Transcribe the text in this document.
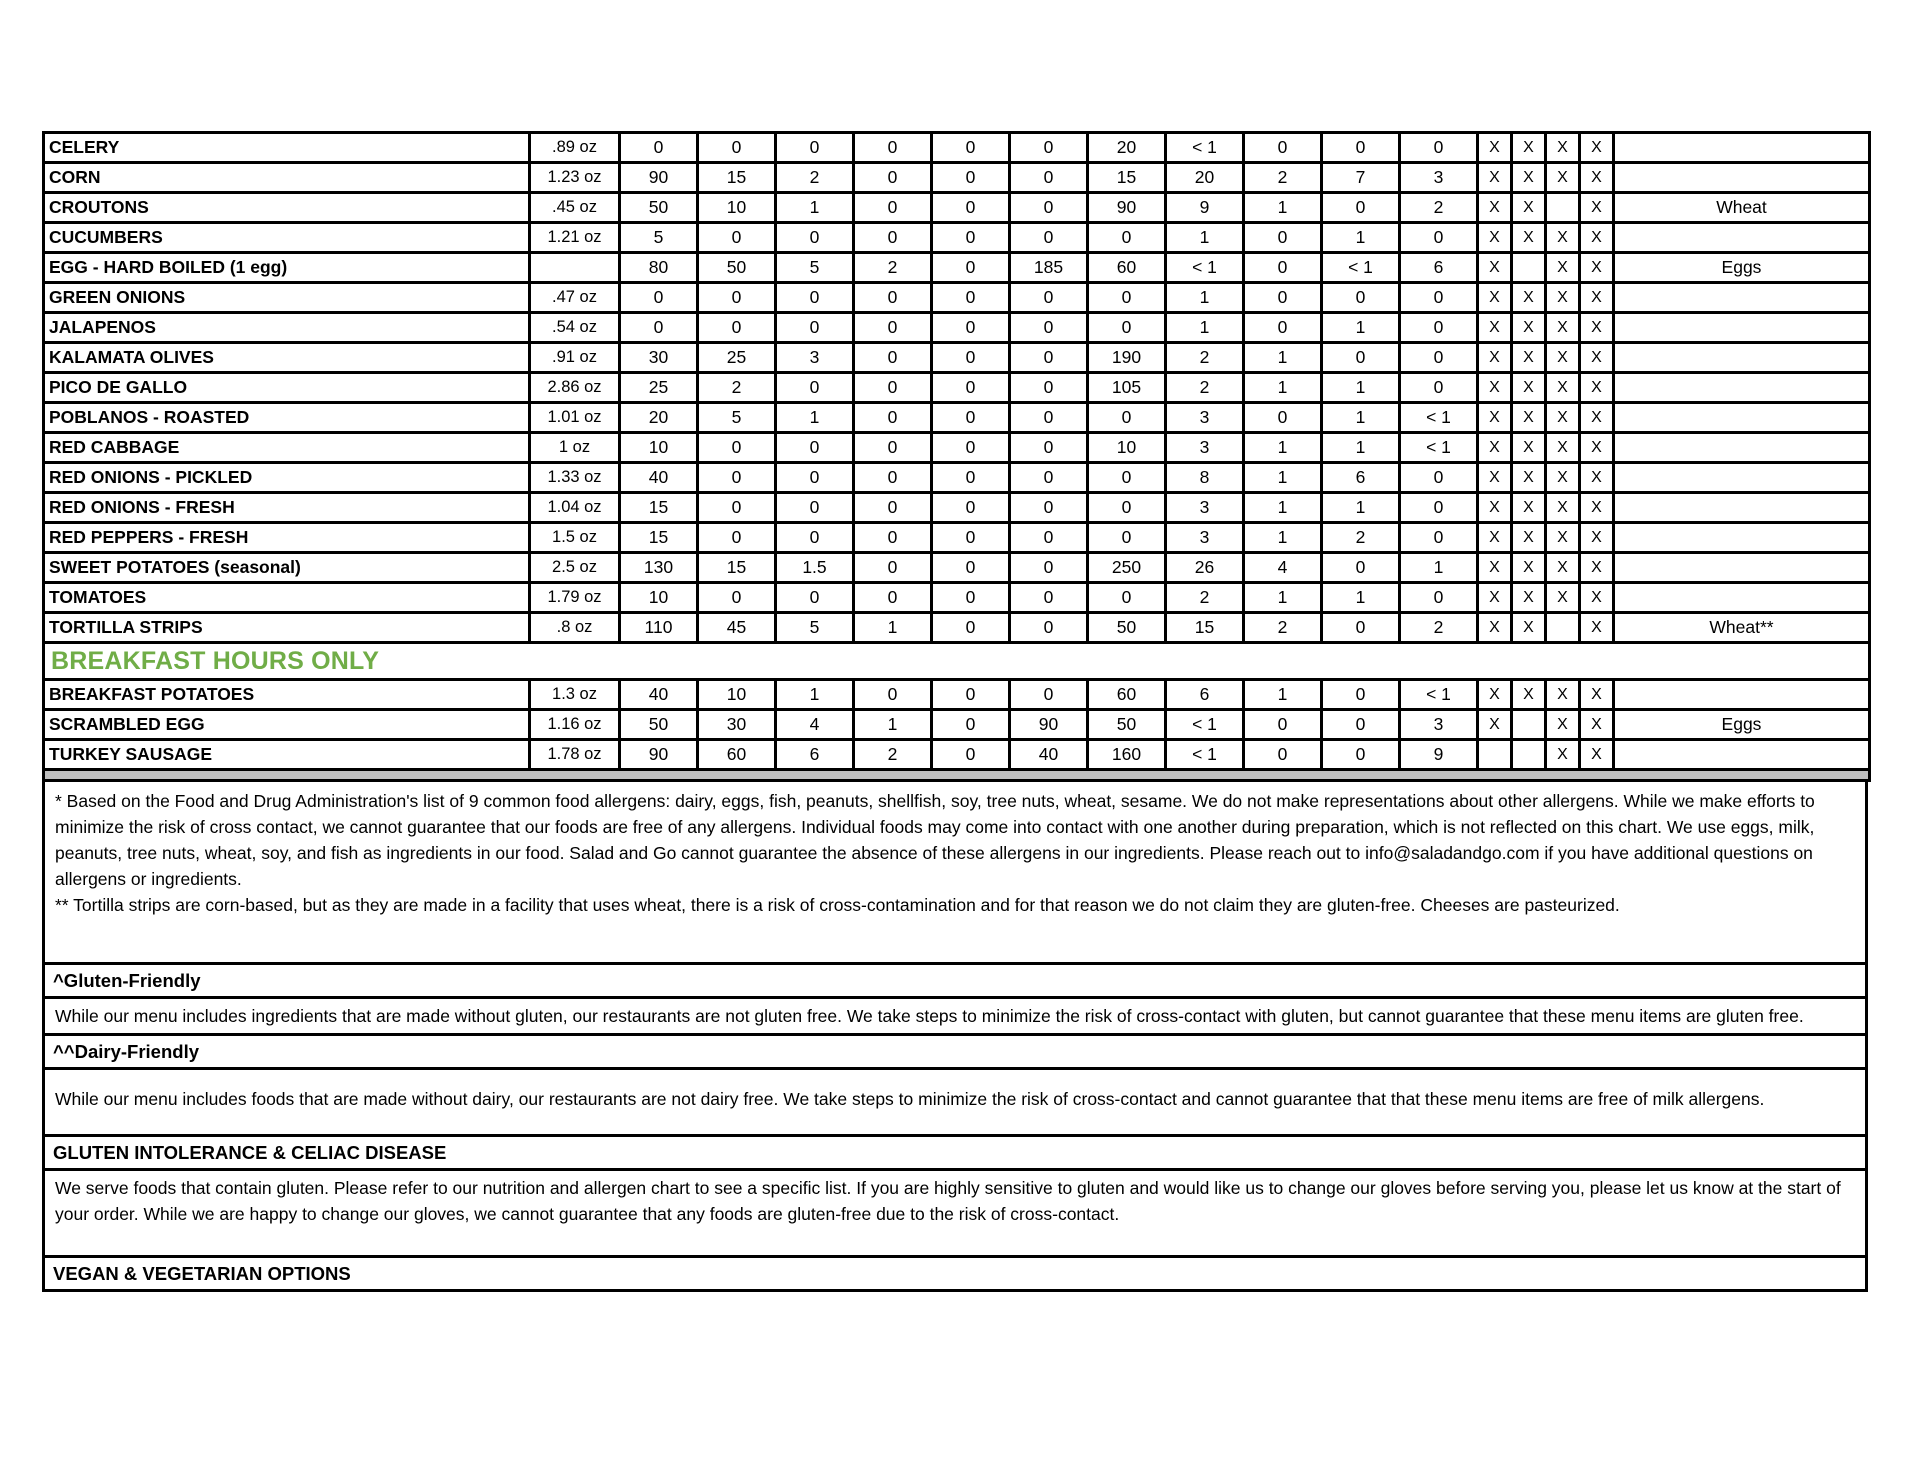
CELERY	.89 oz	0	0	0	0	0	0	20	< 1	0	0	0	X	X	X	X	
CORN	1.23 oz	90	15	2	0	0	0	15	20	2	7	3	X	X	X	X	
CROUTONS	.45 oz	50	10	1	0	0	0	90	9	1	0	2	X	X		X	Wheat
CUCUMBERS	1.21 oz	5	0	0	0	0	0	0	1	0	1	0	X	X	X	X	
EGG - HARD BOILED (1 egg)		80	50	5	2	0	185	60	< 1	0	< 1	6	X		X	X	Eggs
GREEN ONIONS	.47 oz	0	0	0	0	0	0	0	1	0	0	0	X	X	X	X	
JALAPENOS	.54 oz	0	0	0	0	0	0	0	1	0	1	0	X	X	X	X	
KALAMATA OLIVES	.91 oz	30	25	3	0	0	0	190	2	1	0	0	X	X	X	X	
PICO DE GALLO	2.86 oz	25	2	0	0	0	0	105	2	1	1	0	X	X	X	X	
POBLANOS - ROASTED	1.01 oz	20	5	1	0	0	0	0	3	0	1	< 1	X	X	X	X	
RED CABBAGE	1 oz	10	0	0	0	0	0	10	3	1	1	< 1	X	X	X	X	
RED ONIONS - PICKLED	1.33 oz	40	0	0	0	0	0	0	8	1	6	0	X	X	X	X	
RED ONIONS - FRESH	1.04 oz	15	0	0	0	0	0	0	3	1	1	0	X	X	X	X	
RED PEPPERS - FRESH	1.5 oz	15	0	0	0	0	0	0	3	1	2	0	X	X	X	X	
SWEET POTATOES (seasonal)	2.5 oz	130	15	1.5	0	0	0	250	26	4	0	1	X	X	X	X	
TOMATOES	1.79 oz	10	0	0	0	0	0	0	2	1	1	0	X	X	X	X	
TORTILLA STRIPS	.8 oz	110	45	5	1	0	0	50	15	2	0	2	X	X		X	Wheat**
BREAKFAST HOURS ONLY																	
BREAKFAST POTATOES	1.3 oz	40	10	1	0	0	0	60	6	1	0	< 1	X	X	X	X	
SCRAMBLED EGG	1.16 oz	50	30	4	1	0	90	50	< 1	0	0	3	X		X	X	Eggs
TURKEY SAUSAGE	1.78 oz	90	60	6	2	0	40	160	< 1	0	0	9			X	X	

* Based on the Food and Drug Administration's list of 9 common food allergens: dairy, eggs, fish, peanuts, shellfish, soy, tree nuts, wheat, sesame. We do not make representations about other allergens. While we make efforts to minimize the risk of cross contact, we cannot guarantee that our foods are free of any allergens. Individual foods may come into contact with one another during preparation, which is not reflected on this chart. We use eggs, milk, peanuts, tree nuts, wheat, soy, and fish as ingredients in our food. Salad and Go cannot guarantee the absence of these allergens in our ingredients. Please reach out to info@saladandgo.com if you have additional questions on allergens or ingredients.

** Tortilla strips are corn-based, but as they are made in a facility that uses wheat, there is a risk of cross-contamination and for that reason we do not claim they are gluten-free. Cheeses are pasteurized.

^Gluten-Friendly
While our menu includes ingredients that are made without gluten, our restaurants are not gluten free. We take steps to minimize the risk of cross-contact with gluten, but cannot guarantee that these menu items are gluten free.
^^Dairy-Friendly
While our menu includes foods that are made without dairy, our restaurants are not dairy free. We take steps to minimize the risk of cross-contact and cannot guarantee that that these menu items are free of milk allergens.
GLUTEN INTOLERANCE & CELIAC DISEASE
We serve foods that contain gluten. Please refer to our nutrition and allergen chart to see a specific list. If you are highly sensitive to gluten and would like us to change our gloves before serving you, please let us know at the start of your order. While we are happy to change our gloves, we cannot guarantee that any foods are gluten-free due to the risk of cross-contact.
VEGAN & VEGETARIAN OPTIONS
